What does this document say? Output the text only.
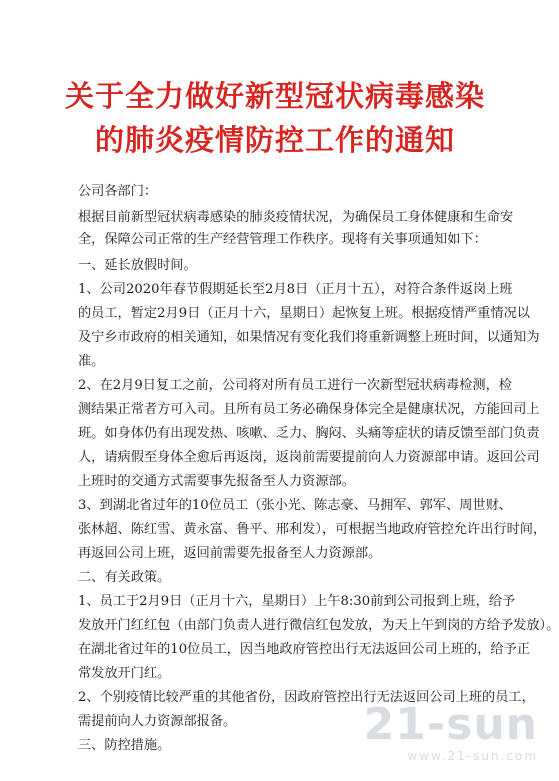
关于全力做好新型冠状病毒感染
的肺炎疫情防控工作的通知
公司各部门：
根据目前新型冠状病毒感染的肺炎疫情状况，为确保员工身体健康和生命安
全，保障公司正常的生产经营管理工作秩序。现将有关事项通知如下：
一、延长放假时间。
1、公司2020年春节假期延长至2月8日（正月十五），对符合条件返岗上班
的员工，暂定2月9日（正月十六，星期日）起恢复上班。根据疫情严重情况以
及宁乡市政府的相关通知，如果情况有变化我们将重新调整上班时间，以通知为
准。
2、在2月9日复工之前，公司将对所有员工进行一次新型冠状病毒检测，检
测结果正常者方可入司。且所有员工务必确保身体完全是健康状况，方能回司上
班。如身体仍有出现发热、咳嗽、乏力、胸闷、头痛等症状的请反馈至部门负责
人，请病假至身体全愈后再返岗，返岗前需要提前向人力资源部申请。返回公司
上班时的交通方式需要事先报备至人力资源部。
3、到湖北省过年的10位员工（张小光、陈志豪、马拥军、郭军、周世财、
张林超、陈红雪、黄永富、鲁平、邢利发），可根据当地政府管控允许出行时间，
再返回公司上班，返回前需要先报备至人力资源部。
二、有关政策。
1、员工于2月9日（正月十六，星期日）上午8:30前到公司报到上班，给予
发放开门红红包（由部门负责人进行微信红包发放，为天上午到岗的方给予发放）。
在湖北省过年的10位员工，因当地政府管控出行无法返回公司上班的，给予正
常发放开门红。
2、个别疫情比较严重的其他省份，因政府管控出行无法返回公司上班的员工，
需提前向人力资源部报备。
三、防控措施。	21-sun
www.21-sun.com
